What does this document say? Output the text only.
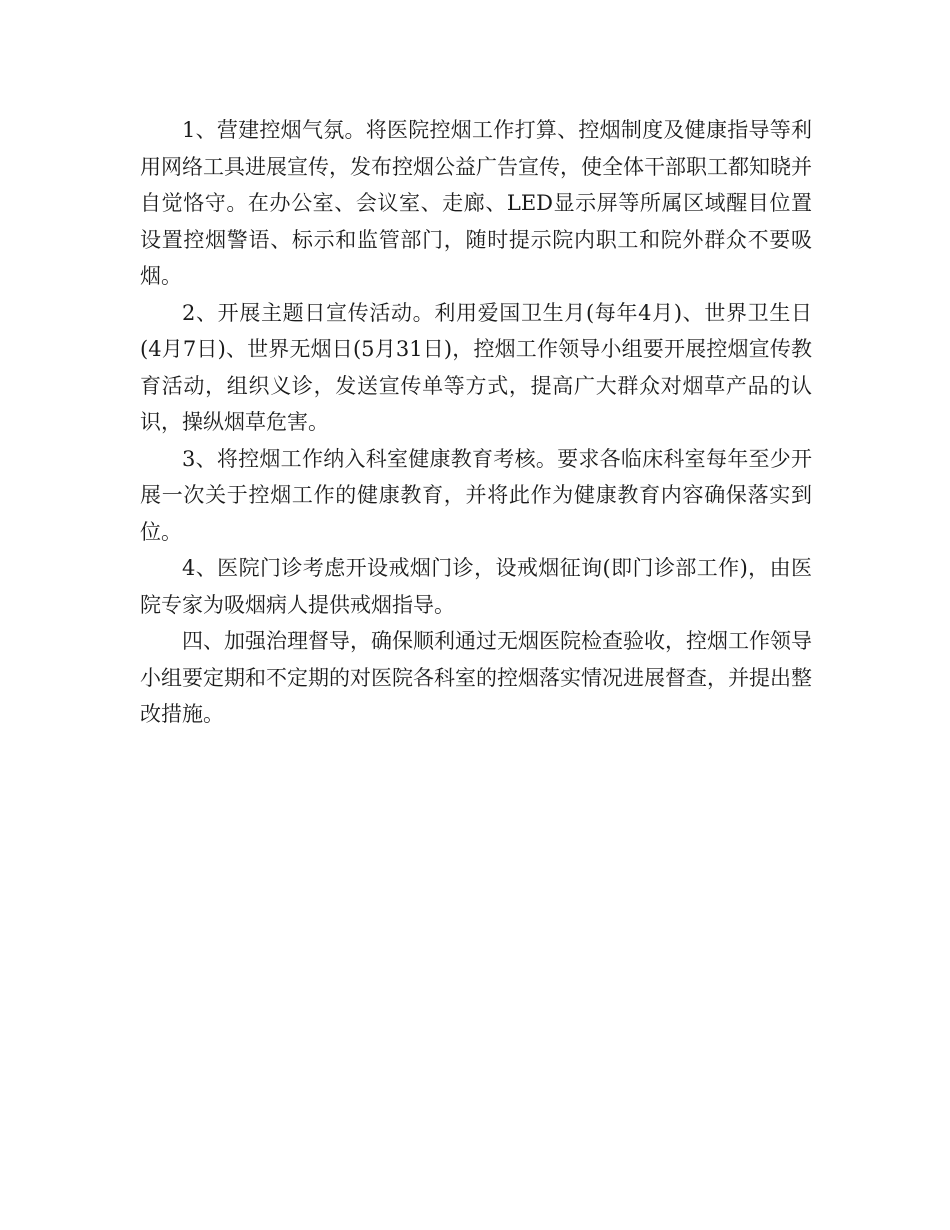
1、营建控烟气氛。将医院控烟工作打算、控烟制度及健康指导等利用网络工具进展宣传，发布控烟公益广告宣传，使全体干部职工都知晓并自觉恪守。在办公室、会议室、走廊、LED显示屏等所属区域醒目位置设置控烟警语、标示和监管部门，随时提示院内职工和院外群众不要吸烟。

2、开展主题日宣传活动。利用爱国卫生月(每年4月)、世界卫生日(4月7日)、世界无烟日(5月31日)，控烟工作领导小组要开展控烟宣传教育活动，组织义诊，发送宣传单等方式，提高广大群众对烟草产品的认识，操纵烟草危害。

3、将控烟工作纳入科室健康教育考核。要求各临床科室每年至少开展一次关于控烟工作的健康教育，并将此作为健康教育内容确保落实到位。

4、医院门诊考虑开设戒烟门诊，设戒烟征询(即门诊部工作)，由医院专家为吸烟病人提供戒烟指导。

四、加强治理督导，确保顺利通过无烟医院检查验收，控烟工作领导小组要定期和不定期的对医院各科室的控烟落实情况进展督查，并提出整改措施。
